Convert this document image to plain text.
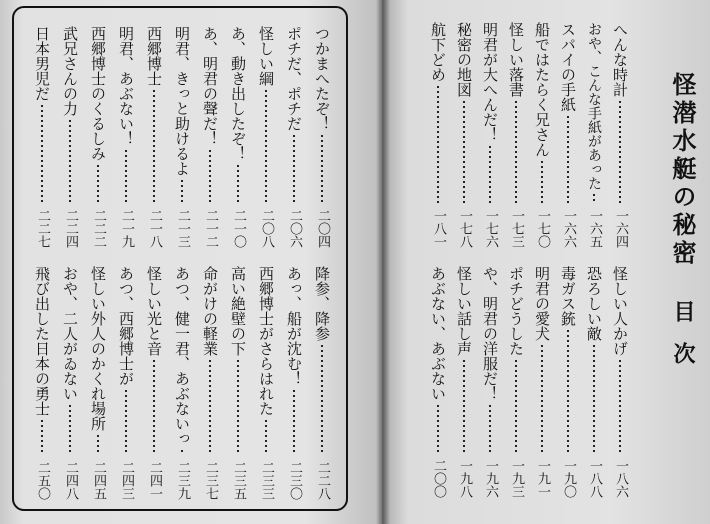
つかまへたぞ！
二〇四
ポチだ、ポチだ
二〇六
怪しい綱
二〇八
あ、動き出したぞ！
二一〇
あ、明君の聲だ！
二一二
明君、きっと助けるよ
二一三
西郷博士
二一八
明君、あぶない！
二一九
西郷博士のくるしみ
二二二
武兄さんの力
二二四
日本男児だ
二二七
降参、降参
二二八
あっ、船が沈む！
二三〇
西郷博士がさらはれた
二三三
高い絶壁の下
二三五
命がけの軽業
二三七
あつ、健一君、あぶないっ
二三九
怪しい光と音
二四一
あつ、西郷博士が
二四三
怪しい外人のかくれ場所
二四五
おや、二人がゐない
二四八
飛び出した日本の勇士
二五〇
怪潜水艇の秘密
目次
へんな時計
一六四
おや、こんな手紙があった
一六五
スパイの手紙
一六六
船ではたらく兄さん
一七〇
怪しい落書
一七三
明君が大へんだ！
一七六
秘密の地図
一七八
航下どめ
一八一
怪しい人かげ
一八六
恐ろしい敵
一八八
毒ガス銃
一九〇
明君の愛犬
一九一
ポチどうした
一九三
や、明君の洋服だ！
一九六
怪しい話し声
一九八
あぶない、あぶない
二〇〇
